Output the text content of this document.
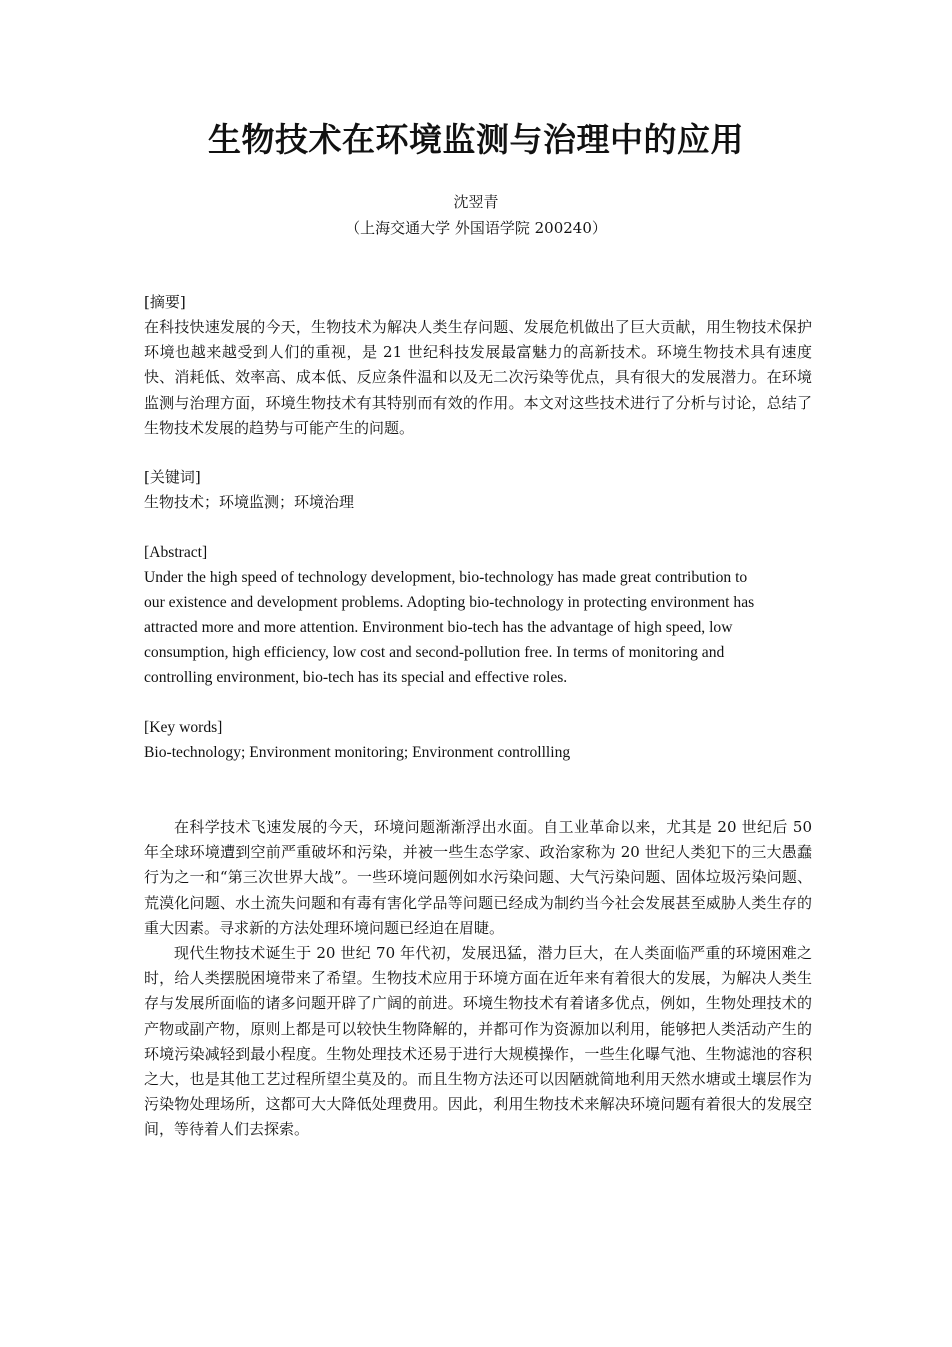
生物技术在环境监测与治理中的应用
沈翌青
（上海交通大学 外国语学院 200240）
[摘要]
在科技快速发展的今天，生物技术为解决人类生存问题、发展危机做出了巨大贡献，用生物技术保护环境也越来越受到人们的重视，是 21 世纪科技发展最富魅力的高新技术。环境生物技术具有速度快、消耗低、效率高、成本低、反应条件温和以及无二次污染等优点，具有很大的发展潜力。在环境监测与治理方面，环境生物技术有其特别而有效的作用。本文对这些技术进行了分析与讨论，总结了生物技术发展的趋势与可能产生的问题。
[关键词]
生物技术；环境监测；环境治理
[Abstract]
Under the high speed of technology development, bio-technology has made great contribution to
our existence and development problems. Adopting bio-technology in protecting environment has
attracted more and more attention. Environment bio-tech has the advantage of high speed, low
consumption, high efficiency, low cost and second-pollution free. In terms of monitoring and
controlling environment, bio-tech has its special and effective roles.
[Key words]
Bio-technology; Environment monitoring; Environment controllling

在科学技术飞速发展的今天，环境问题渐渐浮出水面。自工业革命以来，尤其是 20 世纪后 50 年全球环境遭到空前严重破坏和污染，并被一些生态学家、政治家称为 20 世纪人类犯下的三大愚蠢行为之一和“第三次世界大战”。一些环境问题例如水污染问题、大气污染问题、固体垃圾污染问题、荒漠化问题、水土流失问题和有毒有害化学品等问题已经成为制约当今社会发展甚至威胁人类生存的重大因素。寻求新的方法处理环境问题已经迫在眉睫。

现代生物技术诞生于 20 世纪 70 年代初，发展迅猛，潜力巨大，在人类面临严重的环境困难之时，给人类摆脱困境带来了希望。生物技术应用于环境方面在近年来有着很大的发展，为解决人类生存与发展所面临的诸多问题开辟了广阔的前进。环境生物技术有着诸多优点，例如，生物处理技术的产物或副产物，原则上都是可以较快生物降解的，并都可作为资源加以利用，能够把人类活动产生的环境污染减轻到最小程度。生物处理技术还易于进行大规模操作，一些生化曝气池、生物滤池的容积之大，也是其他工艺过程所望尘莫及的。而且生物方法还可以因陋就简地利用天然水塘或土壤层作为污染物处理场所，这都可大大降低处理费用。因此，利用生物技术来解决环境问题有着很大的发展空间，等待着人们去探索。
